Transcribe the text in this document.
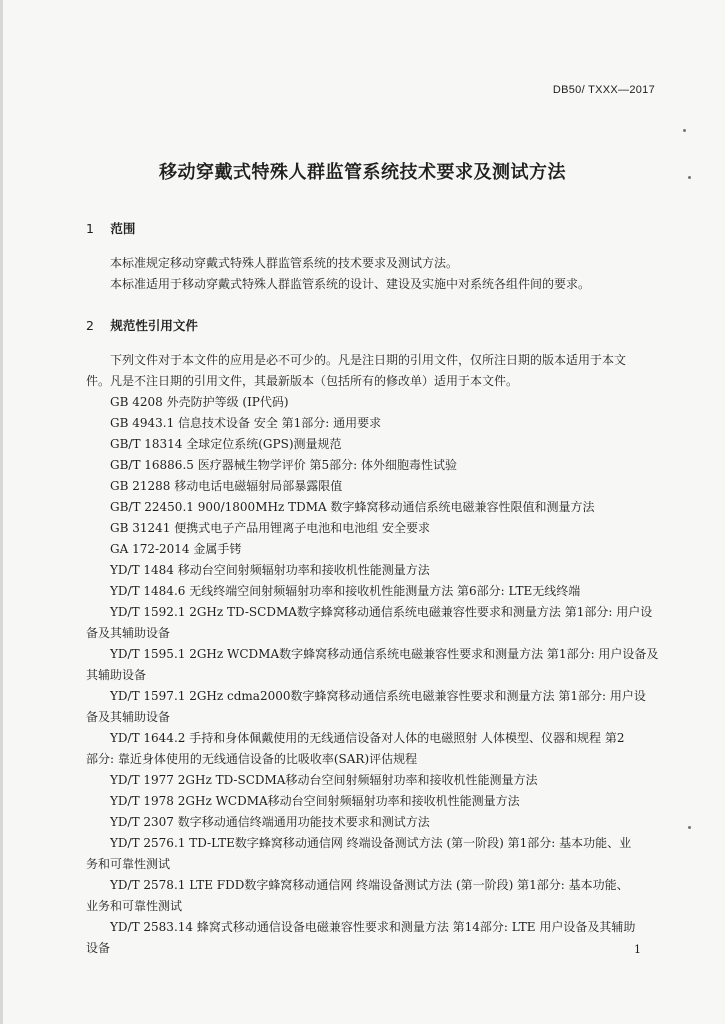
DB50/ TXXX—2017
移动穿戴式特殊人群监管系统技术要求及测试方法
1 范围
本标准规定移动穿戴式特殊人群监管系统的技术要求及测试方法。
本标准适用于移动穿戴式特殊人群监管系统的设计、建设及实施中对系统各组件间的要求。
2 规范性引用文件
下列文件对于本文件的应用是必不可少的。凡是注日期的引用文件，仅所注日期的版本适用于本文
件。凡是不注日期的引用文件，其最新版本（包括所有的修改单）适用于本文件。
GB 4208 外壳防护等级 (IP代码)
GB 4943.1 信息技术设备 安全 第1部分: 通用要求
GB/T 18314 全球定位系统(GPS)测量规范
GB/T 16886.5 医疗器械生物学评价 第5部分: 体外细胞毒性试验
GB 21288 移动电话电磁辐射局部暴露限值
GB/T 22450.1 900/1800MHz TDMA 数字蜂窝移动通信系统电磁兼容性限值和测量方法
GB 31241 便携式电子产品用锂离子电池和电池组 安全要求
GA 172-2014 金属手铐
YD/T 1484 移动台空间射频辐射功率和接收机性能测量方法
YD/T 1484.6 无线终端空间射频辐射功率和接收机性能测量方法 第6部分: LTE无线终端
YD/T 1592.1 2GHz TD-SCDMA数字蜂窝移动通信系统电磁兼容性要求和测量方法 第1部分: 用户设
备及其辅助设备
YD/T 1595.1 2GHz WCDMA数字蜂窝移动通信系统电磁兼容性要求和测量方法 第1部分: 用户设备及
其辅助设备
YD/T 1597.1 2GHz cdma2000数字蜂窝移动通信系统电磁兼容性要求和测量方法 第1部分: 用户设
备及其辅助设备
YD/T 1644.2 手持和身体佩戴使用的无线通信设备对人体的电磁照射 人体模型、仪器和规程 第2
部分: 靠近身体使用的无线通信设备的比吸收率(SAR)评估规程
YD/T 1977 2GHz TD-SCDMA移动台空间射频辐射功率和接收机性能测量方法
YD/T 1978 2GHz WCDMA移动台空间射频辐射功率和接收机性能测量方法
YD/T 2307 数字移动通信终端通用功能技术要求和测试方法
YD/T 2576.1 TD-LTE数字蜂窝移动通信网 终端设备测试方法 (第一阶段) 第1部分: 基本功能、业
务和可靠性测试
YD/T 2578.1 LTE FDD数字蜂窝移动通信网 终端设备测试方法 (第一阶段) 第1部分: 基本功能、
业务和可靠性测试
YD/T 2583.14 蜂窝式移动通信设备电磁兼容性要求和测量方法 第14部分: LTE 用户设备及其辅助
设备	1
